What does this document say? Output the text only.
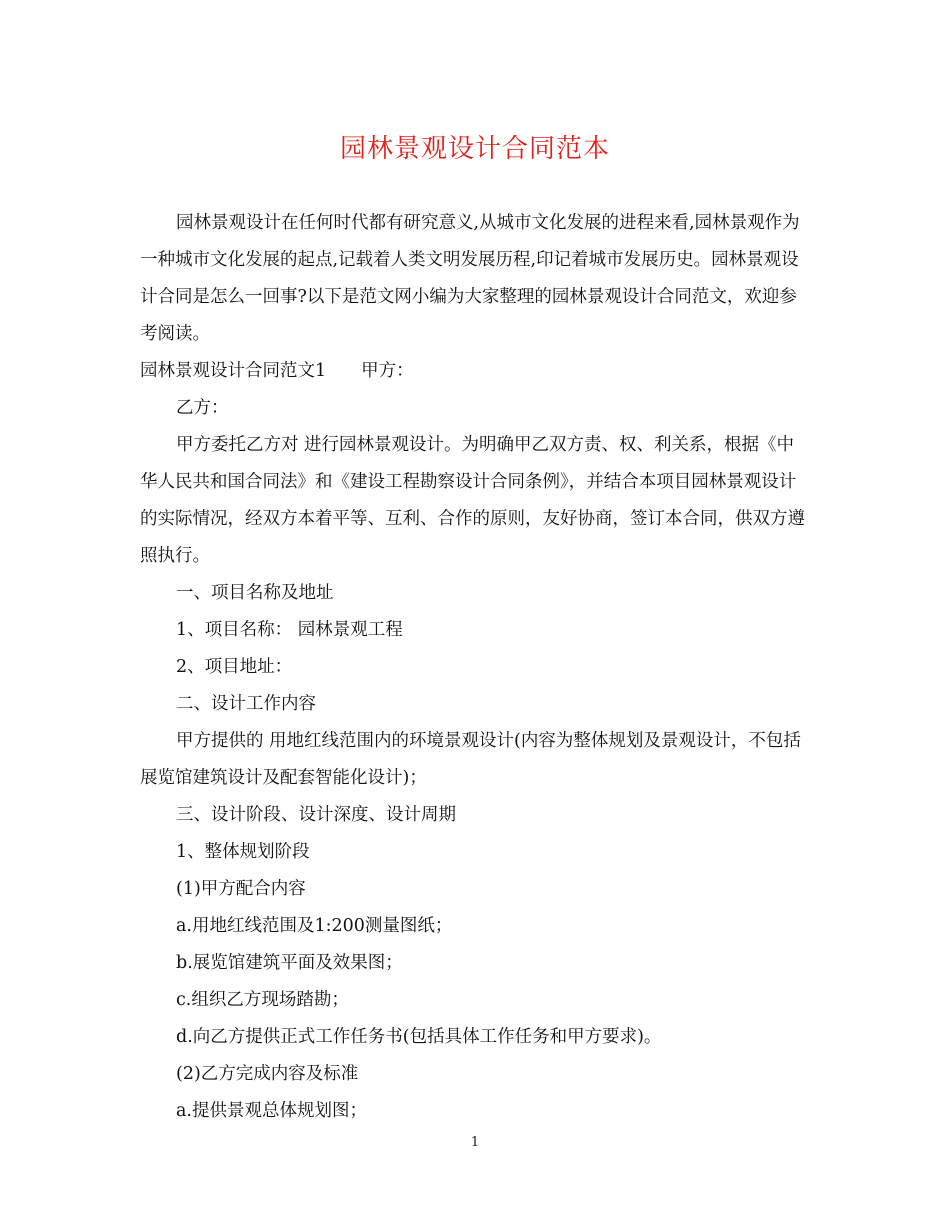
园林景观设计合同范本

园林景观设计在任何时代都有研究意义,从城市文化发展的进程来看,园林景观作为一种城市文化发展的起点,记载着人类文明发展历程,印记着城市发展历史。园林景观设计合同是怎么一回事?以下是范文网小编为大家整理的园林景观设计合同范文，欢迎参考阅读。

园林景观设计合同范文1　　甲方：

乙方：

甲方委托乙方对 进行园林景观设计。为明确甲乙双方责、权、利关系，根据《中华人民共和国合同法》和《建设工程勘察设计合同条例》，并结合本项目园林景观设计的实际情况，经双方本着平等、互利、合作的原则，友好协商，签订本合同，供双方遵照执行。

一、项目名称及地址

1、项目名称： 园林景观工程

2、项目地址：

二、设计工作内容

甲方提供的 用地红线范围内的环境景观设计(内容为整体规划及景观设计，不包括展览馆建筑设计及配套智能化设计)；

三、设计阶段、设计深度、设计周期

1、整体规划阶段

(1)甲方配合内容

a.用地红线范围及1:200测量图纸；

b.展览馆建筑平面及效果图；

c.组织乙方现场踏勘；

d.向乙方提供正式工作任务书(包括具体工作任务和甲方要求)。

(2)乙方完成内容及标准

a.提供景观总体规划图；

1
